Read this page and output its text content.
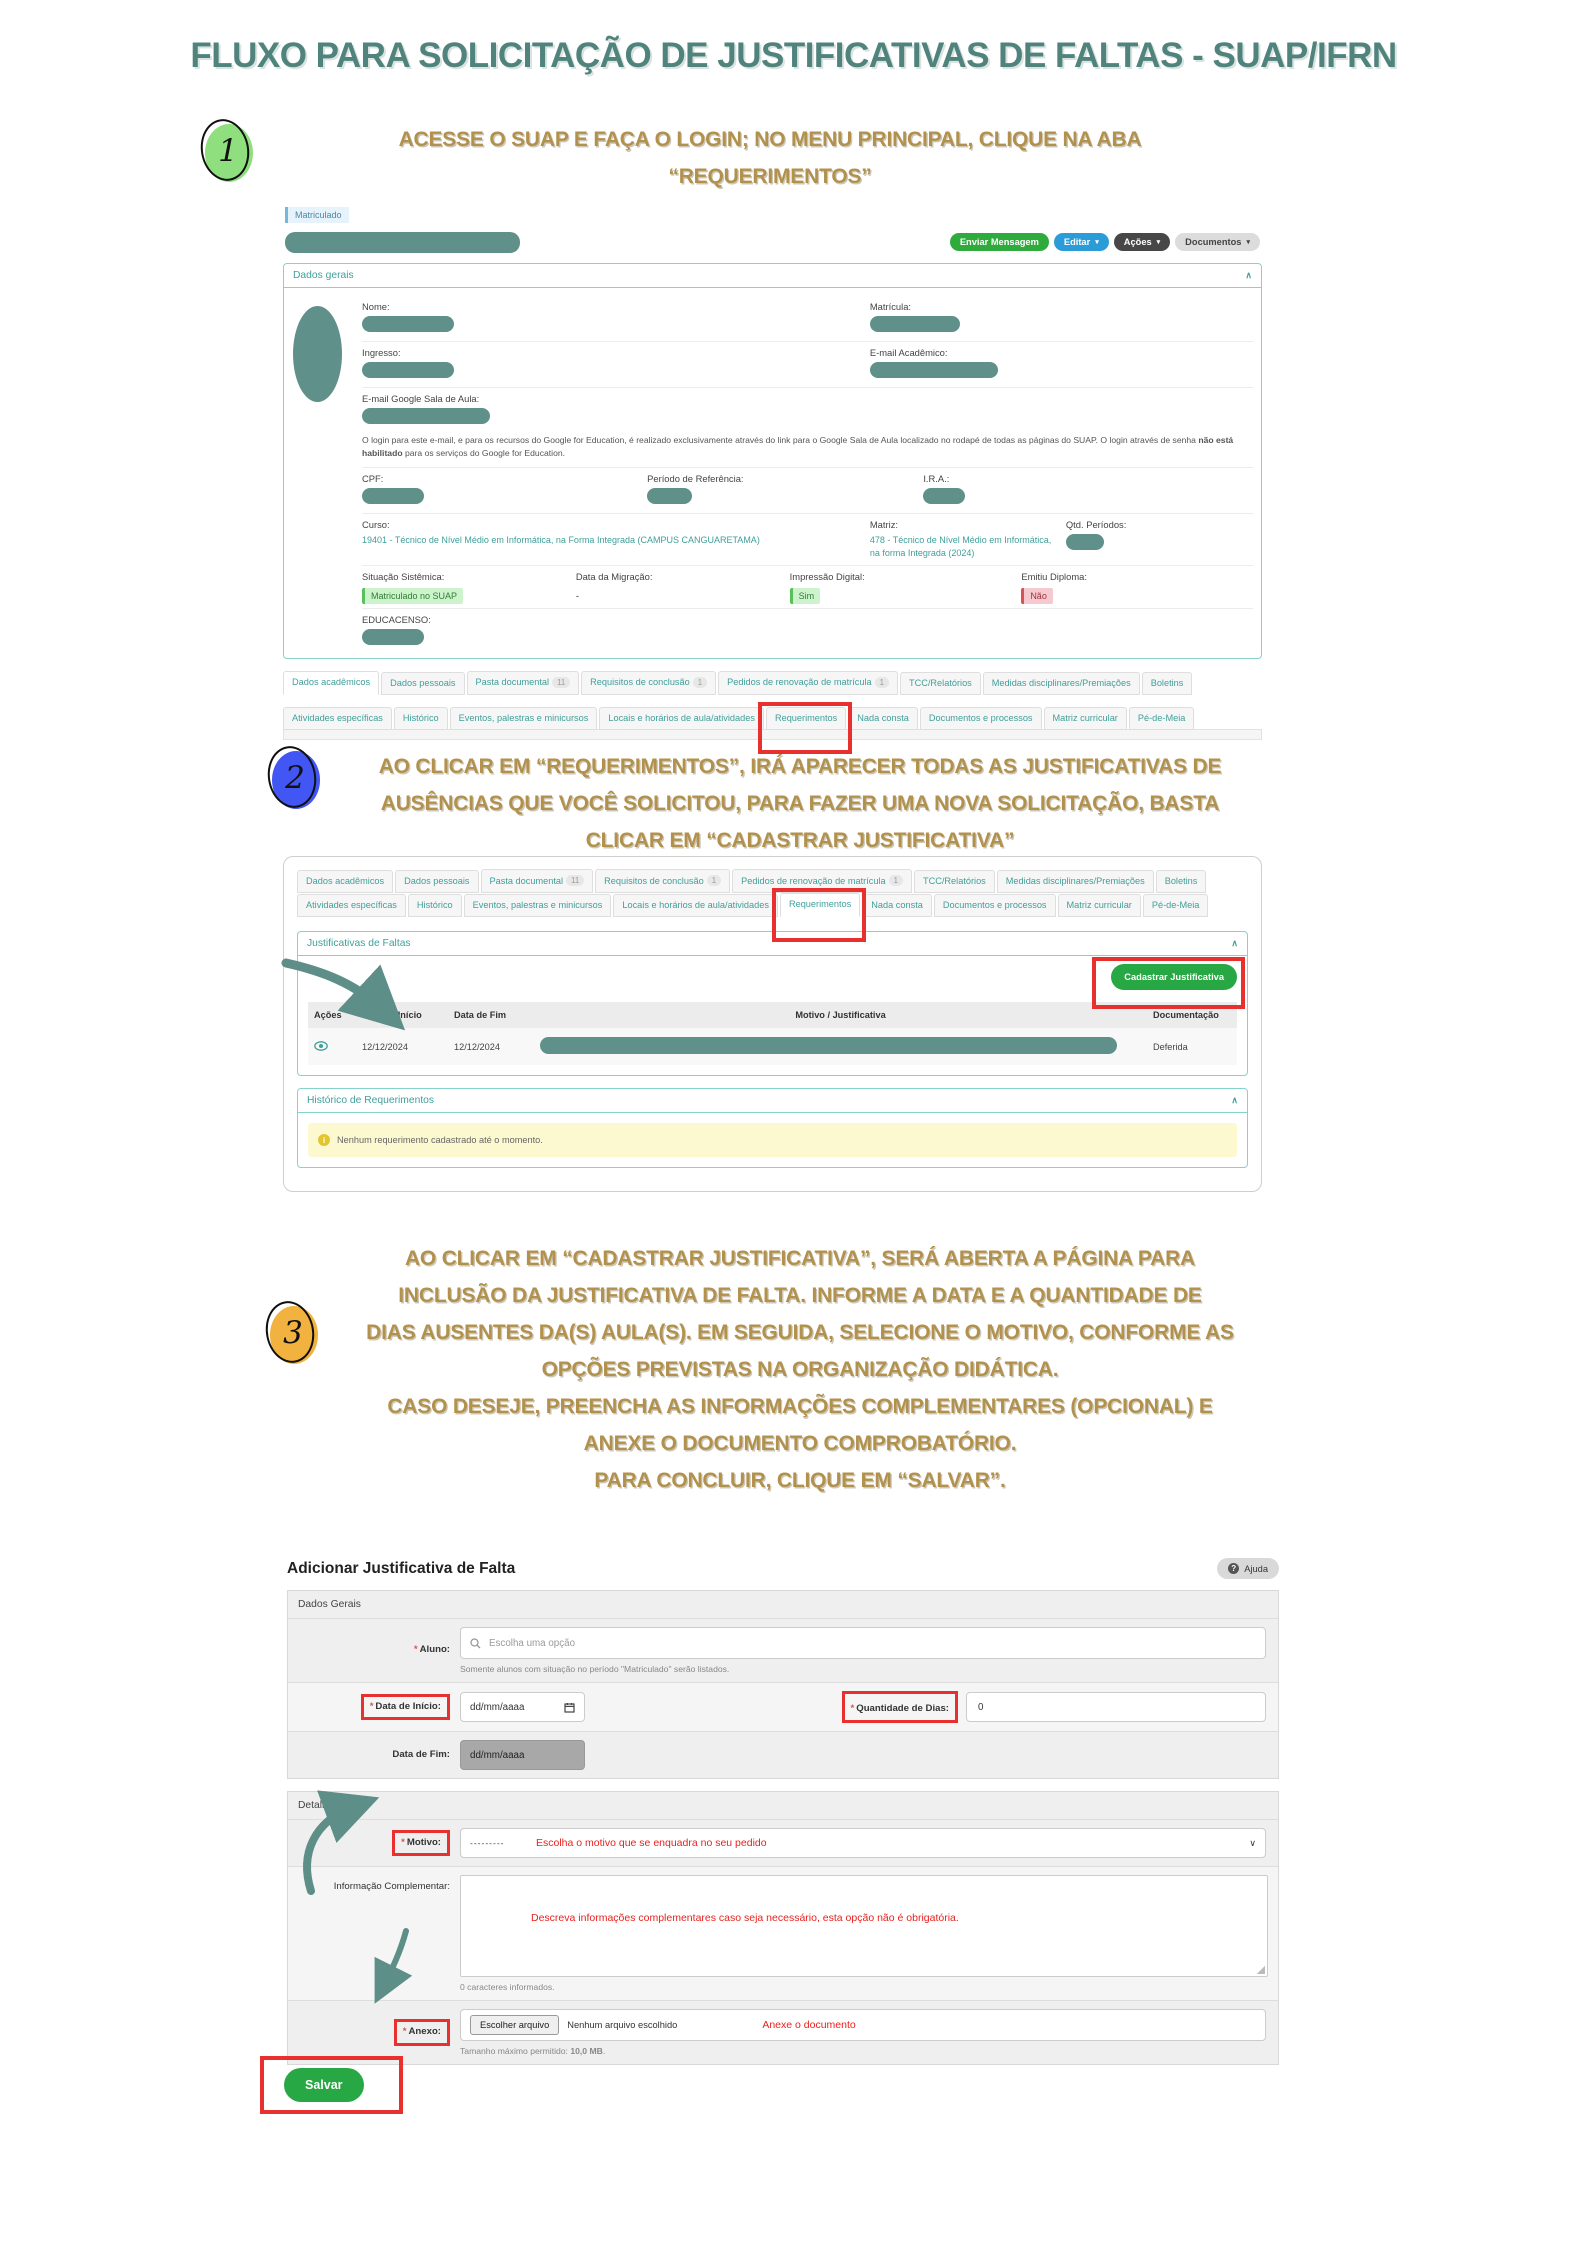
FLUXO PARA SOLICITAÇÃO DE JUSTIFICATIVAS DE FALTAS - SUAP/IFRN
1	ACESSE O SUAP E FAÇA O LOGIN; NO MENU PRINCIPAL, CLIQUE NA ABA
“REQUERIMENTOS”
Matriculado
Enviar Mensagem	Editar ▾	Ações ▾	Documentos ▾
Dados gerais	∧
Nome:	Matrícula:
Ingresso:	E-mail Acadêmico:
E-mail Google Sala de Aula:
O login para este e-mail, e para os recursos do Google for Education, é realizado exclusivamente através do link para o Google Sala de Aula localizado no rodapé de todas as páginas do SUAP. O login através de senha não está habilitado para os serviços do Google for Education.
CPF:	Período de Referência:	I.R.A.:
Curso:
19401 - Técnico de Nível Médio em Informática, na Forma Integrada (CAMPUS CANGUARETAMA)
Matriz:
478 - Técnico de Nível Médio em Informática, na forma Integrada (2024)
Qtd. Períodos:
Situação Sistêmica:
Matriculado no SUAP
Data da Migração:
-
Impressão Digital:
Sim
Emitiu Diploma:
Não
EDUCACENSO:
Dados acadêmicos	Dados pessoais	Pasta documental	11	Requisitos de conclusão	1	Pedidos de renovação de matrícula	1	TCC/Relatórios	Medidas disciplinares/Premiações	Boletins
Atividades específicas	Histórico	Eventos, palestras e minicursos	Locais e horários de aula/atividades	Requerimentos	Nada consta	Documentos e processos	Matriz curricular	Pé-de-Meia
2	AO CLICAR EM “REQUERIMENTOS”, IRÁ APARECER TODAS AS JUSTIFICATIVAS DE
AUSÊNCIAS QUE VOCÊ SOLICITOU, PARA FAZER UMA NOVA SOLICITAÇÃO, BASTA
CLICAR EM “CADASTRAR JUSTIFICATIVA”
Dados acadêmicos	Dados pessoais	Pasta documental	11	Requisitos de conclusão	1	Pedidos de renovação de matrícula	1	TCC/Relatórios	Medidas disciplinares/Premiações	Boletins
Atividades específicas	Histórico	Eventos, palestras e minicursos	Locais e horários de aula/atividades	Requerimentos	Nada consta	Documentos e processos	Matriz curricular	Pé-de-Meia
Justificativas de Faltas	∧
Cadastrar Justificativa
Ações	Data de Início	Data de Fim	Motivo / Justificativa	Documentação
12/12/2024	12/12/2024	Deferida
Histórico de Requerimentos	∧
i	Nenhum requerimento cadastrado até o momento.
3
AO CLICAR EM “CADASTRAR JUSTIFICATIVA”, SERÁ ABERTA A PÁGINA PARA
INCLUSÃO DA JUSTIFICATIVA DE FALTA. INFORME A DATA E A QUANTIDADE DE
DIAS AUSENTES DA(S) AULA(S). EM SEGUIDA, SELECIONE O MOTIVO, CONFORME AS
OPÇÕES PREVISTAS NA ORGANIZAÇÃO DIDÁTICA.
CASO DESEJE, PREENCHA AS INFORMAÇÕES COMPLEMENTARES (OPCIONAL) E
ANEXE O DOCUMENTO COMPROBATÓRIO.
PARA CONCLUIR, CLIQUE EM “SALVAR”.
Adicionar Justificativa de Falta	? Ajuda
Dados Gerais
* Aluno:
Escolha uma opção
Somente alunos com situação no período "Matriculado" serão listados.
* Data de Início:	dd/mm/aaaa	* Quantidade de Dias:
0
Data de Fim:	dd/mm/aaaa
Detalhamento
* Motivo:	---------	Escolha o motivo que se enquadra no seu pedido	∨
Informação Complementar:
Descreva informações complementares caso seja necessário, esta opção não é obrigatória.
0 caracteres informados.
* Anexo:
Escolher arquivo	Nenhum arquivo escolhido	Anexe o documento
Tamanho máximo permitido: 10,0 MB.
Salvar
